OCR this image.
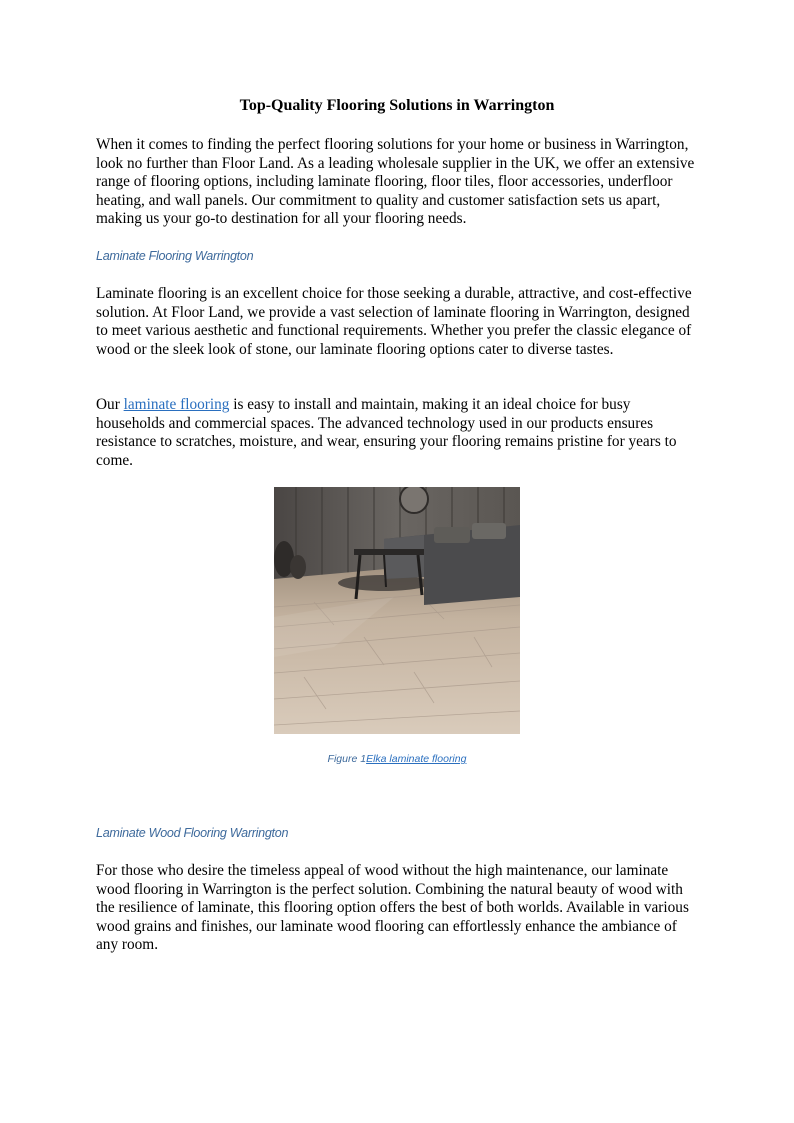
Top-Quality Flooring Solutions in Warrington

When it comes to finding the perfect flooring solutions for your home or business in Warrington, look no further than Floor Land. As a leading wholesale supplier in the UK, we offer an extensive range of flooring options, including laminate flooring, floor tiles, floor accessories, underfloor heating, and wall panels. Our commitment to quality and customer satisfaction sets us apart, making us your go-to destination for all your flooring needs.

Laminate Flooring Warrington

Laminate flooring is an excellent choice for those seeking a durable, attractive, and cost-effective solution. At Floor Land, we provide a vast selection of laminate flooring in Warrington, designed to meet various aesthetic and functional requirements. Whether you prefer the classic elegance of wood or the sleek look of stone, our laminate flooring options cater to diverse tastes.

Our laminate flooring is easy to install and maintain, making it an ideal choice for busy households and commercial spaces. The advanced technology used in our products ensures resistance to scratches, moisture, and wear, ensuring your flooring remains pristine for years to come.

Figure 1Elka laminate flooring
Laminate Wood Flooring Warrington

For those who desire the timeless appeal of wood without the high maintenance, our laminate wood flooring in Warrington is the perfect solution. Combining the natural beauty of wood with the resilience of laminate, this flooring option offers the best of both worlds. Available in various wood grains and finishes, our laminate wood flooring can effortlessly enhance the ambiance of any room.
